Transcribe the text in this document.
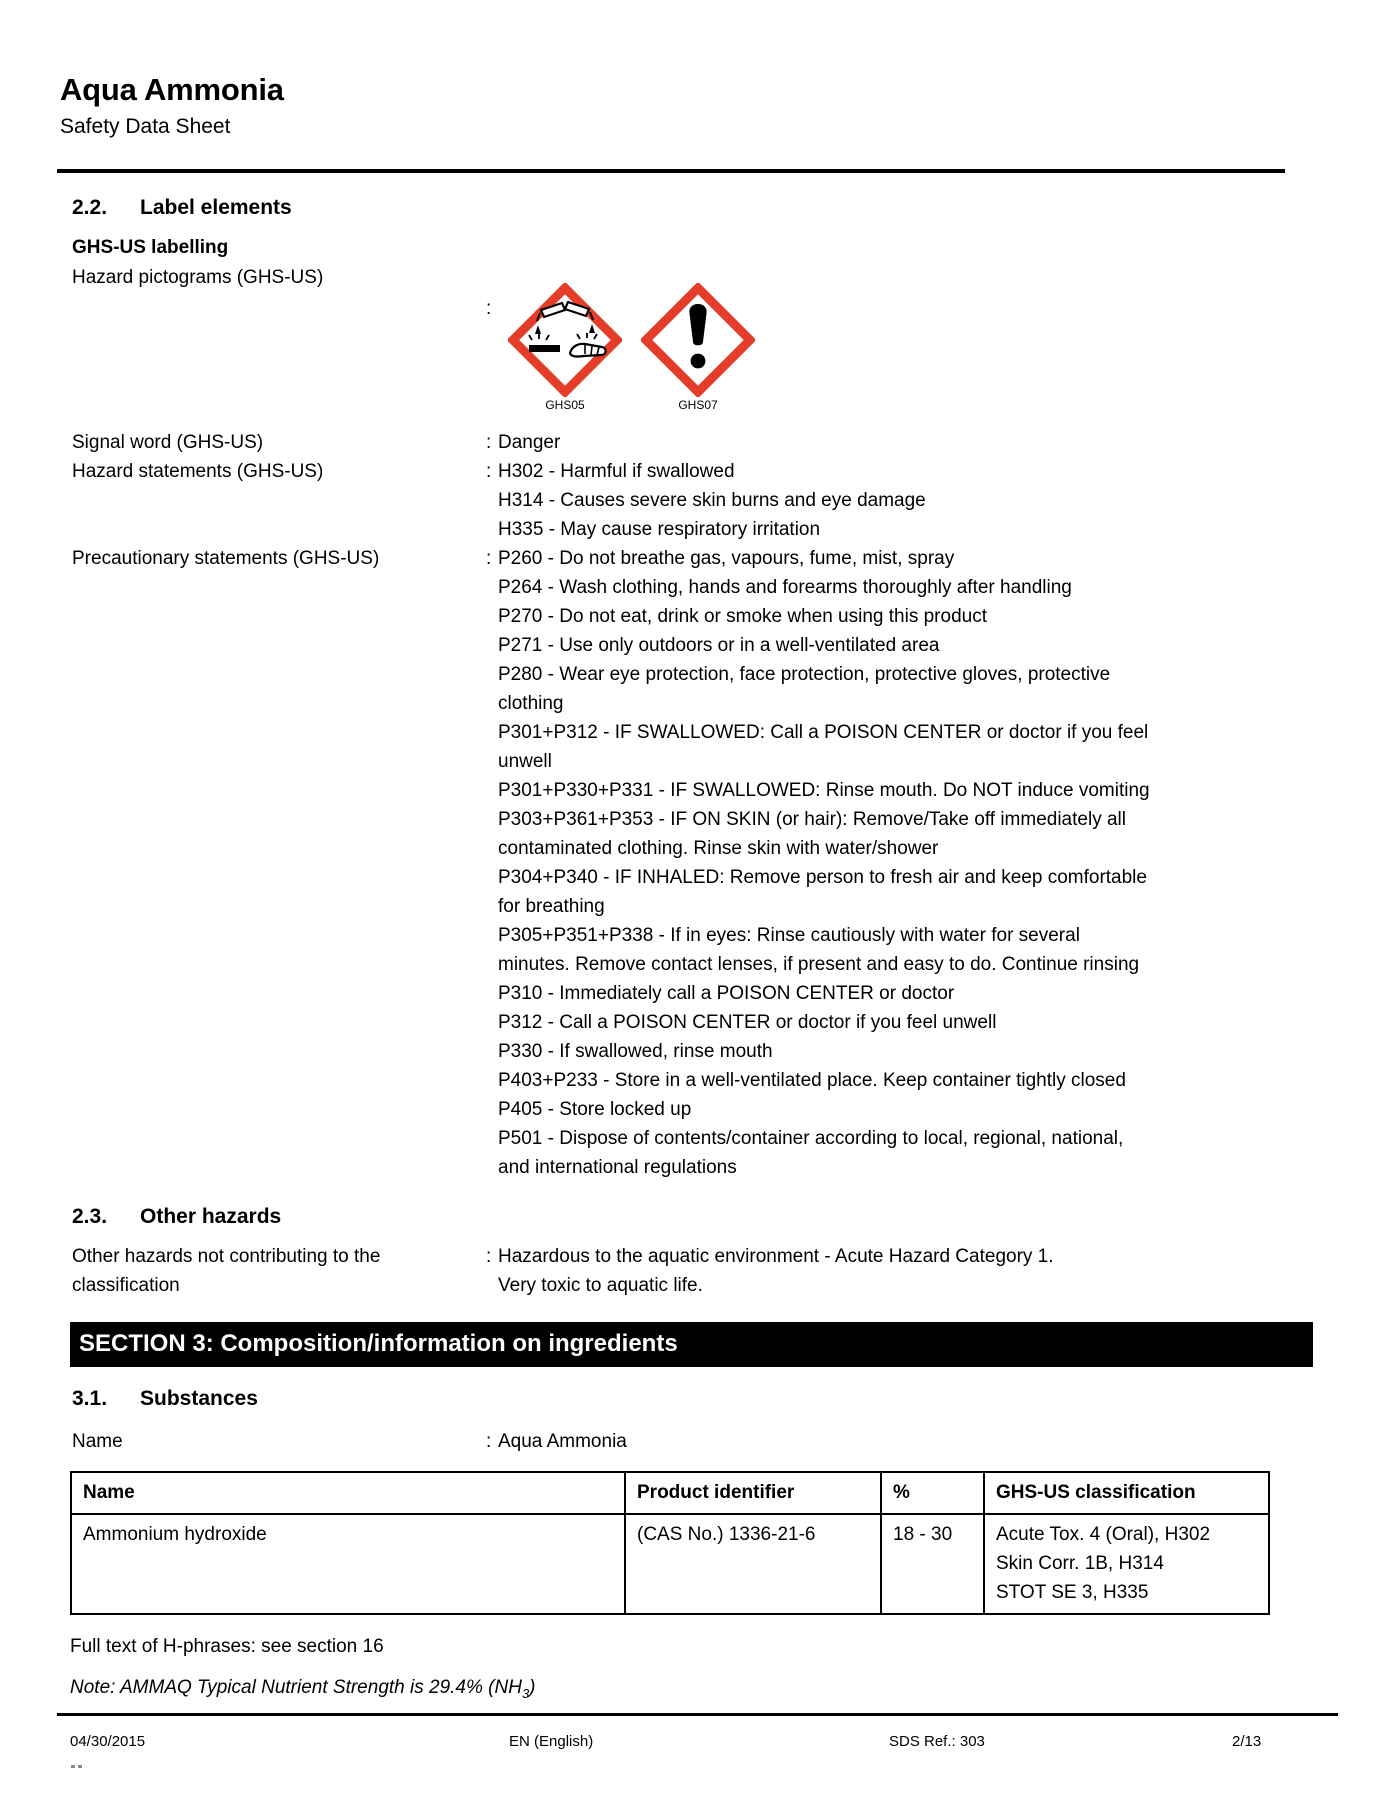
Aqua Ammonia
Safety Data Sheet
2.2. Label elements
GHS-US labelling
Hazard pictograms (GHS-US)
:
GHS05	GHS07
Signal word (GHS-US)	: Danger
Hazard statements (GHS-US)	: H302 - Harmful if swallowed
H314 - Causes severe skin burns and eye damage
H335 - May cause respiratory irritation
Precautionary statements (GHS-US)	: P260 - Do not breathe gas, vapours, fume, mist, spray
P264 - Wash clothing, hands and forearms thoroughly after handling
P270 - Do not eat, drink or smoke when using this product
P271 - Use only outdoors or in a well-ventilated area
P280 - Wear eye protection, face protection, protective gloves, protective
clothing
P301+P312 - IF SWALLOWED: Call a POISON CENTER or doctor if you feel
unwell
P301+P330+P331 - IF SWALLOWED: Rinse mouth. Do NOT induce vomiting
P303+P361+P353 - IF ON SKIN (or hair): Remove/Take off immediately all
contaminated clothing. Rinse skin with water/shower
P304+P340 - IF INHALED: Remove person to fresh air and keep comfortable
for breathing
P305+P351+P338 - If in eyes: Rinse cautiously with water for several
minutes. Remove contact lenses, if present and easy to do. Continue rinsing
P310 - Immediately call a POISON CENTER or doctor
P312 - Call a POISON CENTER or doctor if you feel unwell
P330 - If swallowed, rinse mouth
P403+P233 - Store in a well-ventilated place. Keep container tightly closed
P405 - Store locked up
P501 - Dispose of contents/container according to local, regional, national,
and international regulations
2.3. Other hazards
Other hazards not contributing to the
classification
: Hazardous to the aquatic environment - Acute Hazard Category 1.
Very toxic to aquatic life.
SECTION 3: Composition/information on ingredients
3.1. Substances
Name	: Aqua Ammonia
Name	Product identifier	%	GHS-US classification
Ammonium hydroxide	(CAS No.) 1336-21-6	18 - 30	Acute Tox. 4 (Oral), H302
Skin Corr. 1B, H314
STOT SE 3, H335
Full text of H-phrases: see section 16
Note: AMMAQ Typical Nutrient Strength is 29.4% $(NH_3)$
04/30/2015	EN (English)	SDS Ref.: 303	2/13
